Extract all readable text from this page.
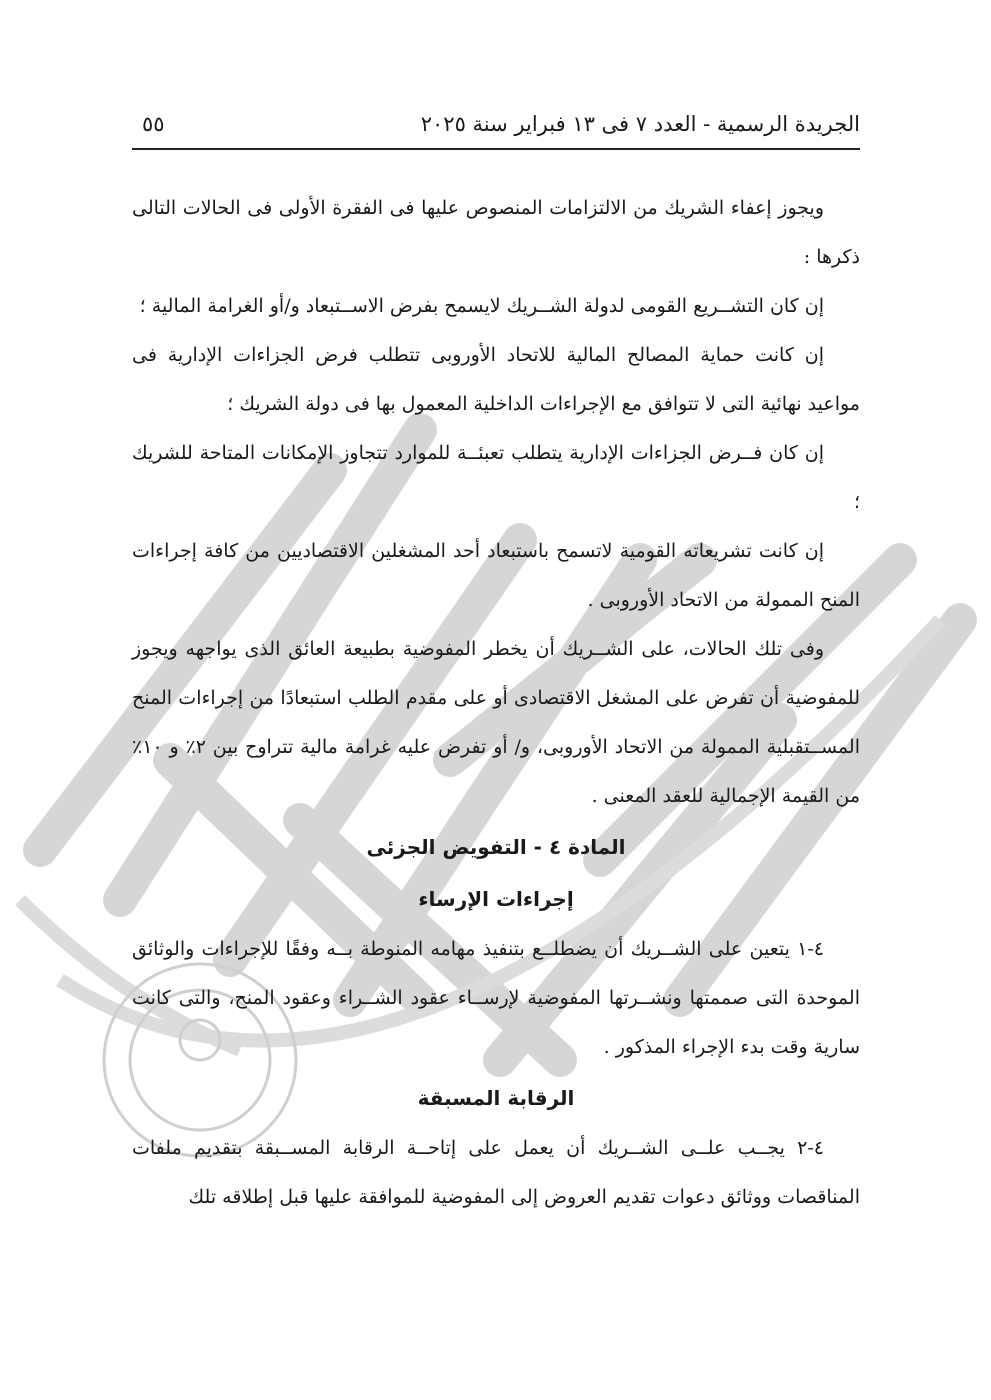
الجريدة الرسمية - العدد ٧ فى ١٣ فبراير سنة ٢٠٢٥
٥٥

ويجوز إعفاء الشريك من الالتزامات المنصوص عليها فى الفقرة الأولى فى الحالات التالى ذكرها :

إن كان التشــريع القومى لدولة الشــريك لايسمح بفرض الاســتبعاد و/أو الغرامة المالية ؛

إن كانت حماية المصالح المالية للاتحاد الأوروبى تتطلب فرض الجزاءات الإدارية فى مواعيد نهائية التى لا تتوافق مع الإجراءات الداخلية المعمول بها فى دولة الشريك ؛

إن كان فــرض الجزاءات الإدارية يتطلب تعبئــة للموارد تتجاوز الإمكانات المتاحة للشريك ؛

إن كانت تشريعاته القومية لاتسمح باستبعاد أحد المشغلين الاقتصاديين من كافة إجراءات المنح الممولة من الاتحاد الأوروبى .

وفى تلك الحالات، على الشــريك أن يخطر المفوضية بطبيعة العائق الذى يواجهه ويجوز للمفوضية أن تفرض على المشغل الاقتصادى أو على مقدم الطلب استبعادًا من إجراءات المنح المســتقبلية الممولة من الاتحاد الأوروبى، و/ أو تفرض عليه غرامة مالية تتراوح بين ٢٪ و ١٠٪ من القيمة الإجمالية للعقد المعنى .

المادة ٤ - التفويض الجزئى
إجراءات الإرساء

٤-١ يتعين على الشــريك أن يضطلــع بتنفيذ مهامه المنوطة بــه وفقًا للإجراءات والوثائق الموحدة التى صممتها ونشــرتها المفوضية لإرســاء عقود الشــراء وعقود المنح، والتى كانت سارية وقت بدء الإجراء المذكور .

الرقابة المسبقة

٤-٢ يجــب علــى الشــريك أن يعمل على إتاحــة الرقابة المســبقة بتقديم ملفات المناقصات ووثائق دعوات تقديم العروض إلى المفوضية للموافقة عليها قبل إطلاقه تلك
